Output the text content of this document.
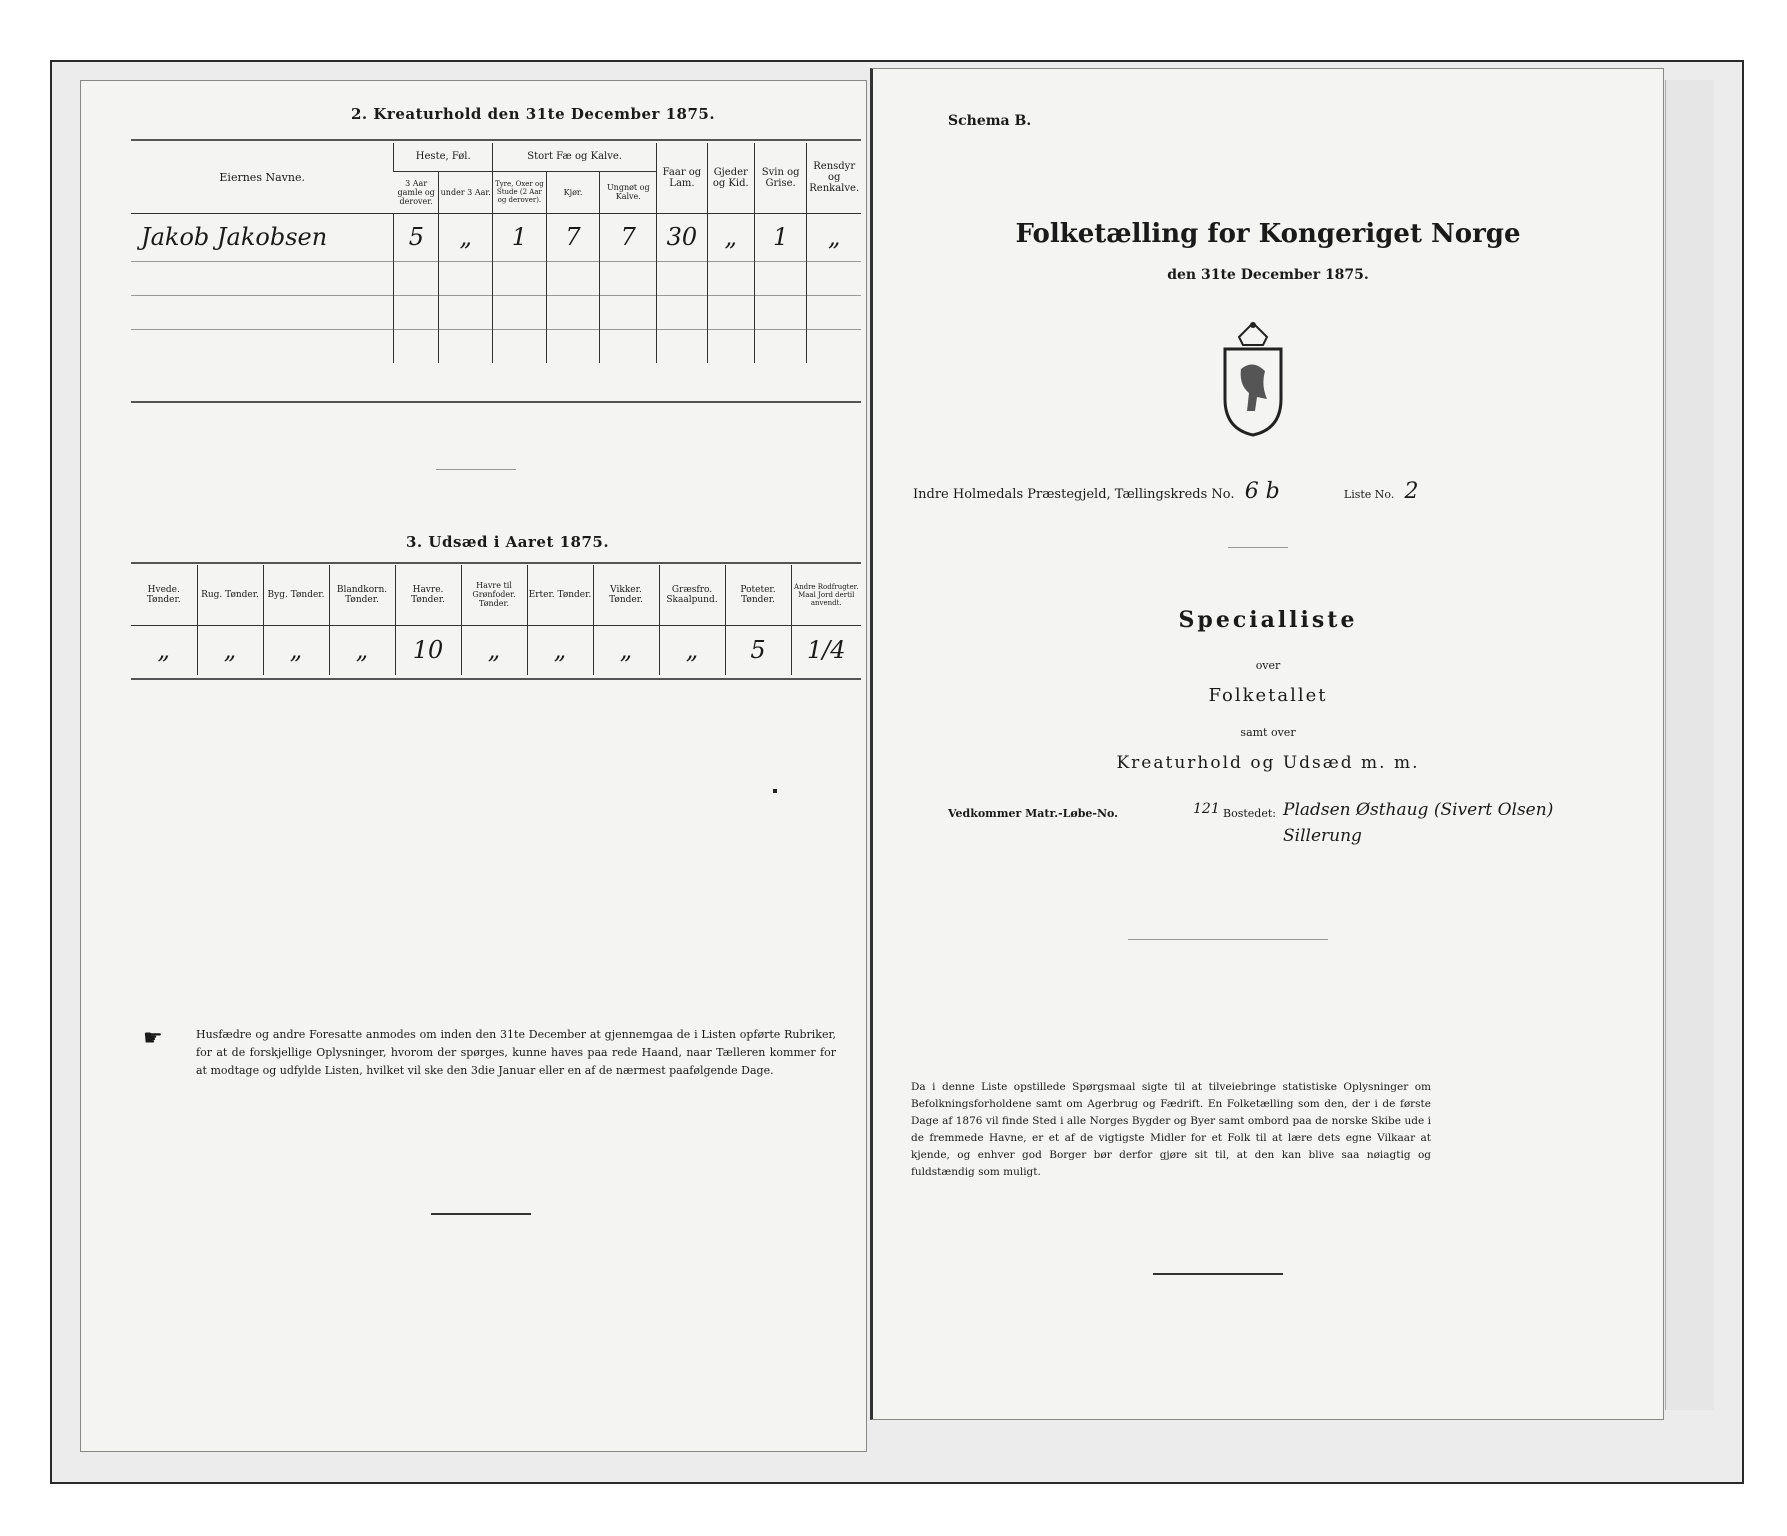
2. Kreaturhold den 31te December 1875.
Eiernes Navne.	Heste, Føl.		Stort Fæ og Kalve.			Faar og Lam.	Gjeder og Kid.	Svin og Grise.	Rensdyr og Renkalve.
	3 Aar gamle og derover.	under 3 Aar.	Tyre, Oxer og Stude (2 Aar og derover).	Kjør.	Ungnøt og Kalve.				
Jakob Jakobsen	5	„	1	7	7	30	„	1	„

3. Udsæd i Aaret 1875.
Hvede. Tønder.	Rug. Tønder.	Byg. Tønder.	Blandkorn. Tønder.	Havre. Tønder.	Havre til Grønfoder. Tønder.	Erter. Tønder.	Vikker. Tønder.	Græsfro. Skaalpund.	Poteter. Tønder.	Andre Rodfrugter. Maal Jord dertil anvendt.
„	„	„	„	10	„	„	„	„	5	1/4
☛	Husfædre og andre Foresatte anmodes om inden den 31te December at gjennemgaa de i Listen opførte Rubriker, for at de forskjellige Oplysninger, hvorom der spørges, kunne haves paa rede Haand, naar Tælleren kommer for at modtage og udfylde Listen, hvilket vil ske den 3die Januar eller en af de nærmest paafølgende Dage.
Schema B.
Folketælling for Kongeriget Norge
den 31te December 1875.
Indre Holmedals Præstegjeld, Tællingskreds No. 6 b	Liste No. 2
Specialliste
over
Folketallet
samt over
Kreaturhold og Udsæd m. m.
Vedkommer Matr.-Løbe-No.	121 Bostedet: Pladsen Østhaug (Sivert Olsen) Sillerung
Da i denne Liste opstillede Spørgsmaal sigte til at tilveiebringe statistiske Oplysninger om Befolkningsforholdene samt om Agerbrug og Fædrift. En Folketælling som den, der i de første Dage af 1876 vil finde Sted i alle Norges Bygder og Byer samt ombord paa de norske Skibe ude i de fremmede Havne, er et af de vigtigste Midler for et Folk til at lære dets egne Vilkaar at kjende, og enhver god Borger bør derfor gjøre sit til, at den kan blive saa nøiagtig og fuldstændig som muligt.
